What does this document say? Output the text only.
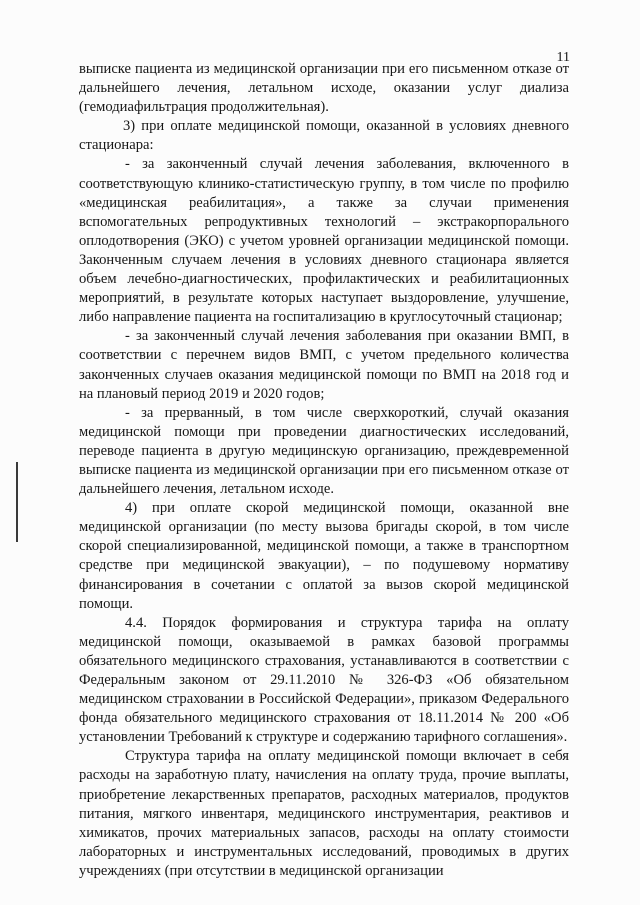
11

выписке пациента из медицинской организации при его письменном отказе от дальнейшего лечения, летальном исходе, оказании услуг диализа (гемодиафильтрация продолжительная).

3) при оплате медицинской помощи, оказанной в условиях дневного стационара:

- за законченный случай лечения заболевания, включенного в соответствующую клинико-статистическую группу, в том числе по профилю «медицинская реабилитация», а также за случаи применения вспомогательных репродуктивных технологий – экстракорпорального оплодотворения (ЭКО) с учетом уровней организации медицинской помощи. Законченным случаем лечения в условиях дневного стационара является объем лечебно-диагностических, профилактических и реабилитационных мероприятий, в результате которых наступает выздоровление, улучшение, либо направление пациента на госпитализацию в круглосуточный стационар;

- за законченный случай лечения заболевания при оказании ВМП, в соответствии с перечнем видов ВМП, с учетом предельного количества законченных случаев оказания медицинской помощи по ВМП на 2018 год и на плановый период 2019 и 2020 годов;

- за прерванный, в том числе сверхкороткий, случай оказания медицинской помощи при проведении диагностических исследований, переводе пациента в другую медицинскую организацию, преждевременной выписке пациента из медицинской организации при его письменном отказе от дальнейшего лечения, летальном исходе.

4) при оплате скорой медицинской помощи, оказанной вне медицинской организации (по месту вызова бригады скорой, в том числе скорой специализированной, медицинской помощи, а также в транспортном средстве при медицинской эвакуации), – по подушевому нормативу финансирования в сочетании с оплатой за вызов скорой медицинской помощи.

4.4. Порядок формирования и структура тарифа на оплату медицинской помощи, оказываемой в рамках базовой программы обязательного медицинского страхования, устанавливаются в соответствии с Федеральным законом от 29.11.2010 № 326-ФЗ «Об обязательном медицинском страховании в Российской Федерации», приказом Федерального фонда обязательного медицинского страхования от 18.11.2014 № 200 «Об установлении Требований к структуре и содержанию тарифного соглашения».

Структура тарифа на оплату медицинской помощи включает в себя расходы на заработную плату, начисления на оплату труда, прочие выплаты, приобретение лекарственных препаратов, расходных материалов, продуктов питания, мягкого инвентаря, медицинского инструментария, реактивов и химикатов, прочих материальных запасов, расходы на оплату стоимости лабораторных и инструментальных исследований, проводимых в других учреждениях (при отсутствии в медицинской организации
